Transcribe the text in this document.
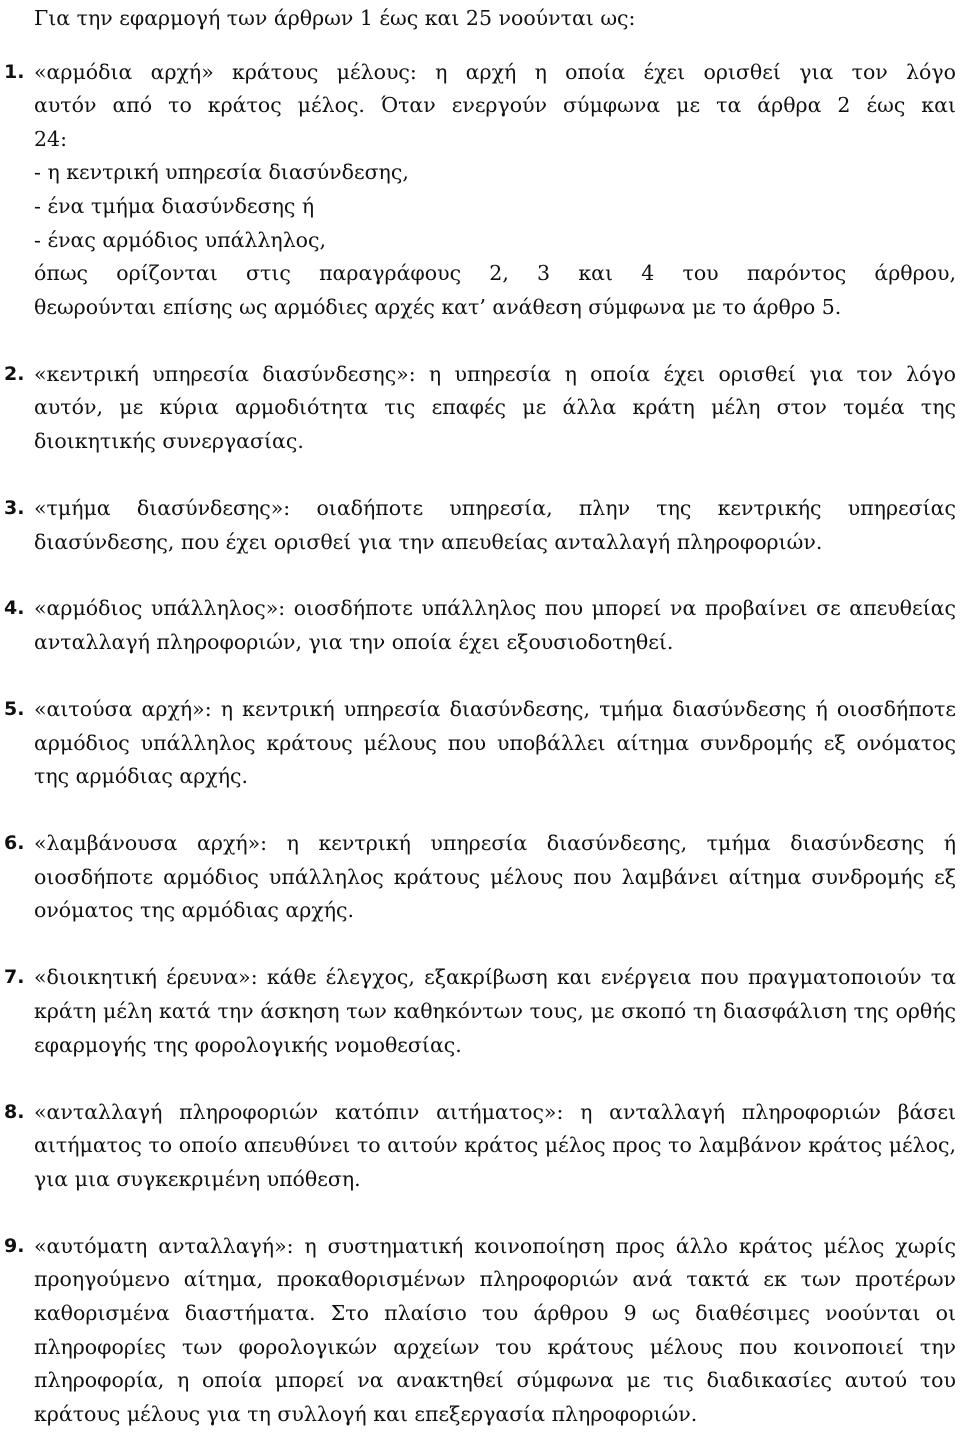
Για την εφαρμογή των άρθρων 1 έως και 25 νοούνται ως:

1. «αρμόδια αρχή» κράτους μέλους: η αρχή η οποία έχει ορισθεί για τον λόγο
αυτόν από το κράτος μέλος. Όταν ενεργούν σύμφωνα με τα άρθρα 2 έως και
24:
- η κεντρική υπηρεσία διασύνδεσης,
- ένα τμήμα διασύνδεσης ή
- ένας αρμόδιος υπάλληλος,
όπως ορίζονται στις παραγράφους 2, 3 και 4 του παρόντος άρθρου,
θεωρούνται επίσης ως αρμόδιες αρχές κατ’ ανάθεση σύμφωνα με το άρθρο 5.
2. «κεντρική υπηρεσία διασύνδεσης»: η υπηρεσία η οποία έχει ορισθεί για τον λόγο αυτόν, με κύρια αρμοδιότητα τις επαφές με άλλα κράτη μέλη στον τομέα της διοικητικής συνεργασίας.
3. «τμήμα διασύνδεσης»: οιαδήποτε υπηρεσία, πλην της κεντρικής υπηρεσίας διασύνδεσης, που έχει ορισθεί για την απευθείας ανταλλαγή πληροφοριών.
4. «αρμόδιος υπάλληλος»: οιοσδήποτε υπάλληλος που μπορεί να προβαίνει σε απευθείας ανταλλαγή πληροφοριών, για την οποία έχει εξουσιοδοτηθεί.
5. «αιτούσα αρχή»: η κεντρική υπηρεσία διασύνδεσης, τμήμα διασύνδεσης ή οιοσδήποτε αρμόδιος υπάλληλος κράτους μέλους που υποβάλλει αίτημα συνδρομής εξ ονόματος της αρμόδιας αρχής.
6. «λαμβάνουσα αρχή»: η κεντρική υπηρεσία διασύνδεσης, τμήμα διασύνδεσης ή οιοσδήποτε αρμόδιος υπάλληλος κράτους μέλους που λαμβάνει αίτημα συνδρομής εξ ονόματος της αρμόδιας αρχής.
7. «διοικητική έρευνα»: κάθε έλεγχος, εξακρίβωση και ενέργεια που πραγματοποιούν τα κράτη μέλη κατά την άσκηση των καθηκόντων τους, με σκοπό τη διασφάλιση της ορθής εφαρμογής της φορολογικής νομοθεσίας.
8. «ανταλλαγή πληροφοριών κατόπιν αιτήματος»: η ανταλλαγή πληροφοριών βάσει αιτήματος το οποίο απευθύνει το αιτούν κράτος μέλος προς το λαμβάνον κράτος μέλος, για μια συγκεκριμένη υπόθεση.
9. «αυτόματη ανταλλαγή»: η συστηματική κοινοποίηση προς άλλο κράτος μέλος χωρίς προηγούμενο αίτημα, προκαθορισμένων πληροφοριών ανά τακτά εκ των προτέρων καθορισμένα διαστήματα. Στο πλαίσιο του άρθρου 9 ως διαθέσιμες νοούνται οι πληροφορίες των φορολογικών αρχείων του κράτους μέλους που κοινοποιεί την πληροφορία, η οποία μπορεί να ανακτηθεί σύμφωνα με τις διαδικασίες αυτού του κράτους μέλους για τη συλλογή και επεξεργασία πληροφοριών.
